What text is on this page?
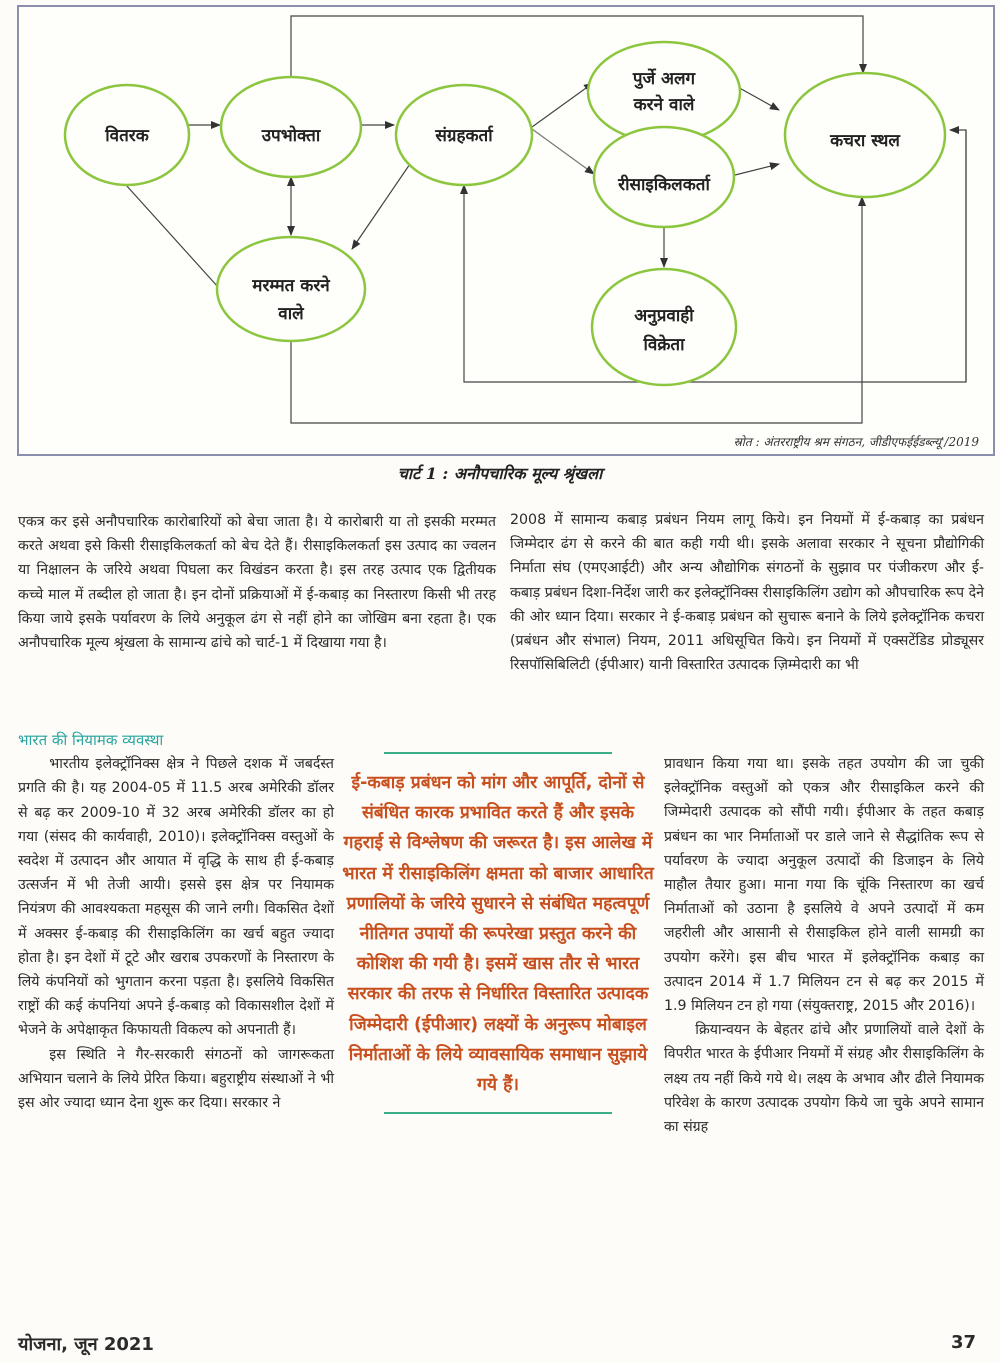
वितरक	उपभोक्ता	संग्रहकर्ता
पुर्जे अलग
करने वाले
रीसाइकिलकर्ता
कचरा स्थल
मरम्मत करने
वाले	अनुप्रवाही
विक्रेता
स्रोत : अंतरराष्ट्रीय श्रम संगठन, जीडीएफईईडब्ल्यू'/2019
चार्ट 1 : अनौपचारिक मूल्य श्रृंखला

एकत्र कर इसे अनौपचारिक कारोबारियों को बेचा जाता है। ये कारोबारी या तो इसकी मरम्मत करते अथवा इसे किसी रीसाइकिलकर्ता को बेच देते हैं। रीसाइकिलकर्ता इस उत्पाद का ज्वलन या निक्षालन के जरिये अथवा पिघला कर विखंडन करता है। इस तरह उत्पाद एक द्वितीयक कच्चे माल में तब्दील हो जाता है। इन दोनों प्रक्रियाओं में ई-कबाड़ का निस्तारण किसी भी तरह किया जाये इसके पर्यावरण के लिये अनुकूल ढंग से नहीं होने का जोखिम बना रहता है। एक अनौपचारिक मूल्य श्रृंखला के सामान्य ढांचे को चार्ट-1 में दिखाया गया है।

भारत की नियामक व्यवस्था

भारतीय इलेक्ट्रॉनिक्स क्षेत्र ने पिछले दशक में जबर्दस्त प्रगति की है। यह 2004-05 में 11.5 अरब अमेरिकी डॉलर से बढ़ कर 2009-10 में 32 अरब अमेरिकी डॉलर का हो गया (संसद की कार्यवाही, 2010)। इलेक्ट्रॉनिक्स वस्तुओं के स्वदेश में उत्पादन और आयात में वृद्धि के साथ ही ई-कबाड़ उत्सर्जन में भी तेजी आयी। इससे इस क्षेत्र पर नियामक नियंत्रण की आवश्यकता महसूस की जाने लगी। विकसित देशों में अक्सर ई-कबाड़ की रीसाइकिलिंग का खर्च बहुत ज्यादा होता है। इन देशों में टूटे और खराब उपकरणों के निस्तारण के लिये कंपनियों को भुगतान करना पड़ता है। इसलिये विकसित राष्ट्रों की कई कंपनियां अपने ई-कबाड़ को विकासशील देशों में भेजने के अपेक्षाकृत किफायती विकल्प को अपनाती हैं।

इस स्थिति ने गैर-सरकारी संगठनों को जागरूकता अभियान चलाने के लिये प्रेरित किया। बहुराष्ट्रीय संस्थाओं ने भी इस ओर ज्यादा ध्यान देना शुरू कर दिया। सरकार ने

2008 में सामान्य कबाड़ प्रबंधन नियम लागू किये। इन नियमों में ई-कबाड़ का प्रबंधन जिम्मेदार ढंग से करने की बात कही गयी थी। इसके अलावा सरकार ने सूचना प्रौद्योगिकी निर्माता संघ (एमएआईटी) और अन्य औद्योगिक संगठनों के सुझाव पर पंजीकरण और ई-कबाड़ प्रबंधन दिशा-निर्देश जारी कर इलेक्ट्रॉनिक्स रीसाइकिलिंग उद्योग को औपचारिक रूप देने की ओर ध्यान दिया। सरकार ने ई-कबाड़ प्रबंधन को सुचारू बनाने के लिये इलेक्ट्रॉनिक कचरा (प्रबंधन और संभाल) नियम, 2011 अधिसूचित किये। इन नियमों में एक्सटेंडिड प्रोड्यूसर रिसपॉसिबिलिटी (ईपीआर) यानी विस्तारित उत्पादक ज़िम्मेदारी का भी

प्रावधान किया गया था। इसके तहत उपयोग की जा चुकी इलेक्ट्रॉनिक वस्तुओं को एकत्र और रीसाइकिल करने की जिम्मेदारी उत्पादक को सौंपी गयी। ईपीआर के तहत कबाड़ प्रबंधन का भार निर्माताओं पर डाले जाने से सैद्धांतिक रूप से पर्यावरण के ज्यादा अनुकूल उत्पादों की डिजाइन के लिये माहौल तैयार हुआ। माना गया कि चूंकि निस्तारण का खर्च निर्माताओं को उठाना है इसलिये वे अपने उत्पादों में कम जहरीली और आसानी से रीसाइकिल होने वाली सामग्री का उपयोग करेंगे। इस बीच भारत में इलेक्ट्रॉनिक कबाड़ का उत्पादन 2014 में 1.7 मिलियन टन से बढ़ कर 2015 में 1.9 मिलियन टन हो गया (संयुक्तराष्ट्र, 2015 और 2016)।

क्रियान्वयन के बेहतर ढांचे और प्रणालियों वाले देशों के विपरीत भारत के ईपीआर नियमों में संग्रह और रीसाइकिलिंग के लक्ष्य तय नहीं किये गये थे। लक्ष्य के अभाव और ढीले नियामक परिवेश के कारण उत्पादक उपयोग किये जा चुके अपने सामान का संग्रह

ई-कबाड़ प्रबंधन को मांग और आपूर्ति, दोनों से संबंधित कारक प्रभावित करते हैं और इसके गहराई से विश्लेषण की जरूरत है। इस आलेख में भारत में रीसाइकिलिंग क्षमता को बाजार आधारित प्रणालियों के जरिये सुधारने से संबंधित महत्वपूर्ण नीतिगत उपायों की रूपरेखा प्रस्तुत करने की कोशिश की गयी है। इसमें खास तौर से भारत सरकार की तरफ से निर्धारित विस्तारित उत्पादक जिम्मेदारी (ईपीआर) लक्ष्यों के अनुरूप मोबाइल निर्माताओं के लिये व्यावसायिक समाधान सुझाये गये हैं।
योजना, जून 2021	37
